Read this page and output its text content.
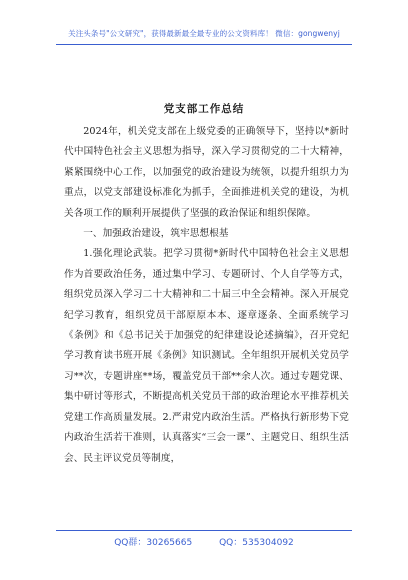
关注头条号"公文研究"，获得最新最全最专业的公文资料库！ 微信：gongwenyj
党支部工作总结

2024年，机关党支部在上级党委的正确领导下，坚持以*新时代中国特色社会主义思想为指导，深入学习贯彻党的二十大精神，紧紧围绕中心工作，以加强党的政治建设为统领，以提升组织力为重点，以党支部建设标准化为抓手，全面推进机关党的建设，为机关各项工作的顺利开展提供了坚强的政治保证和组织保障。

一、加强政治建设，筑牢思想根基

1.强化理论武装。把学习贯彻*新时代中国特色社会主义思想作为首要政治任务，通过集中学习、专题研讨、个人自学等方式，组织党员深入学习二十大精神和二十届三中全会精神。深入开展党纪学习教育，组织党员干部原原本本、逐章逐条、全面系统学习《条例》和《总书记关于加强党的纪律建设论述摘编》，召开党纪学习教育读书班开展《条例》知识测试。全年组织开展机关党员学习**次，专题讲座**场，覆盖党员干部**余人次。通过专题党课、集中研讨等形式，不断提高机关党员干部的政治理论水平推荐机关党建工作高质量发展。2.严肃党内政治生活。严格执行新形势下党内政治生活若干准则，认真落实“三会一课”、主题党日、组织生活会、民主评议党员等制度，

QQ群：30265665	QQ：535304092
